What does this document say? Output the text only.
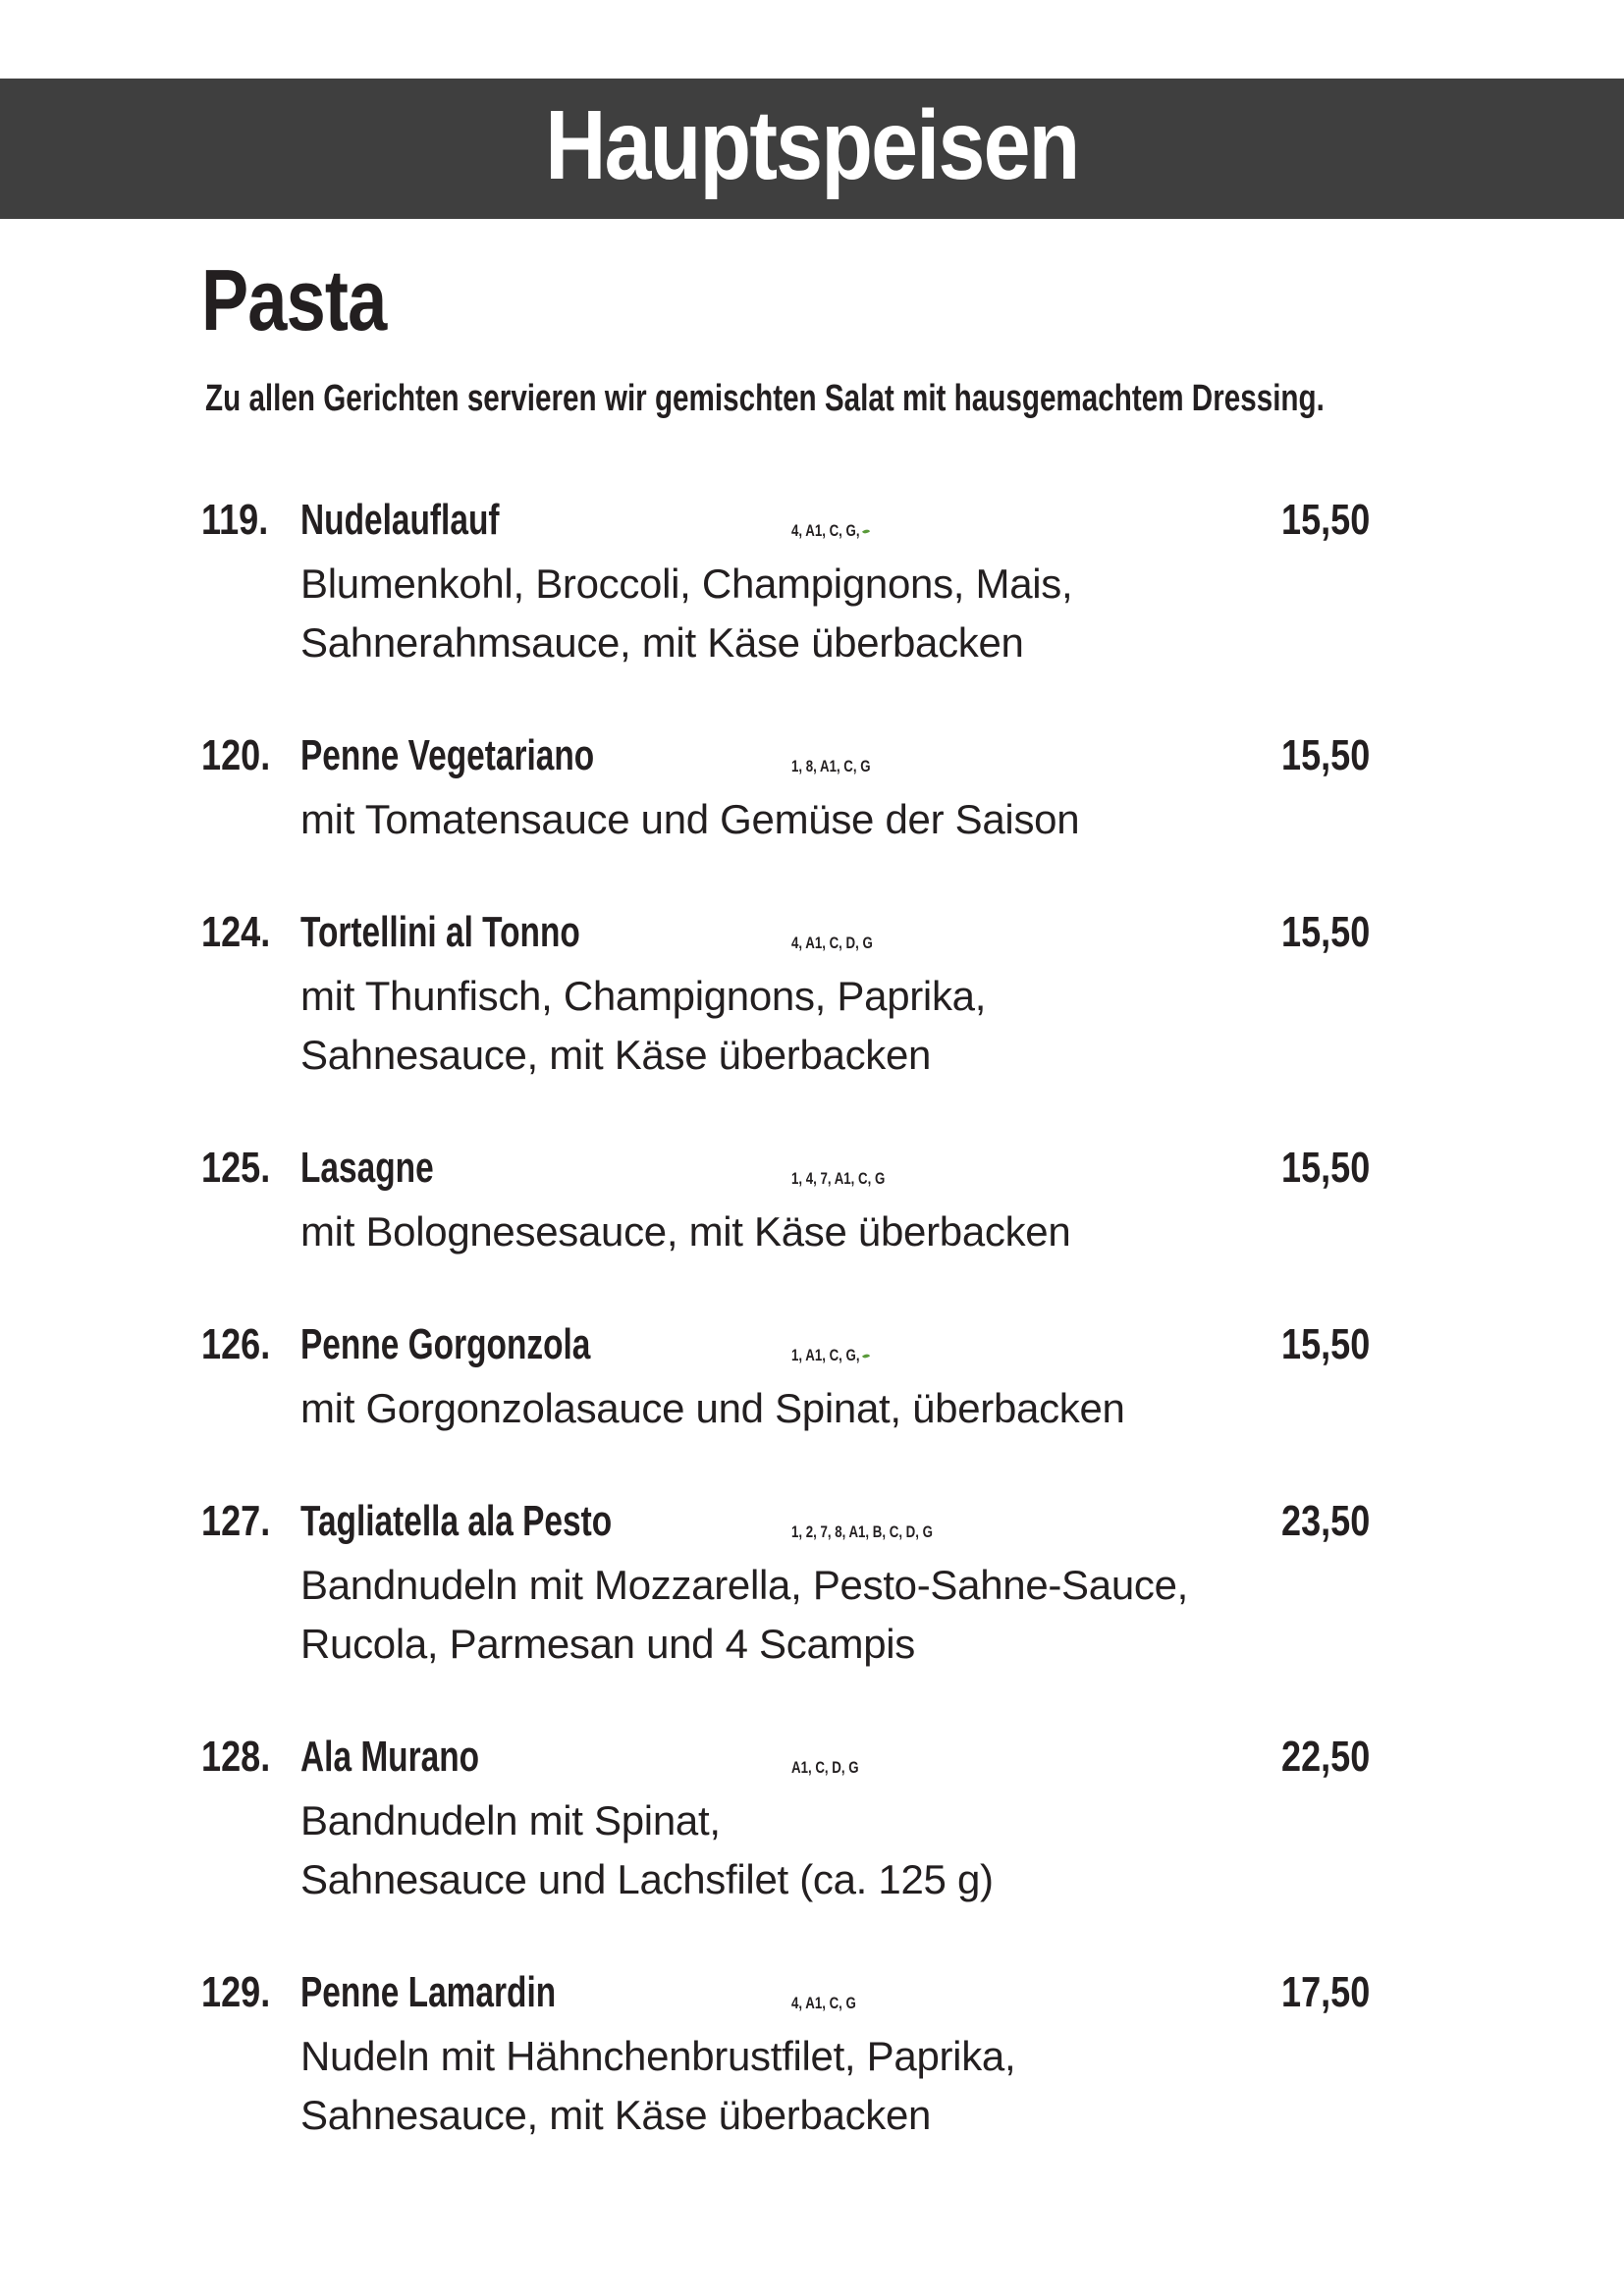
Hauptspeisen
Pasta
Zu allen Gerichten servieren wir gemischten Salat mit hausgemachtem Dressing.
119. Nudelauflauf	4, A1, C, G,	15,50
Blumenkohl, Broccoli, Champignons, Mais,
Sahnerahmsauce, mit Käse überbacken
120. Penne Vegetariano	1, 8, A1, C, G	15,50
mit Tomatensauce und Gemüse der Saison
124. Tortellini al Tonno	4, A1, C, D, G	15,50
mit Thunfisch, Champignons, Paprika,
Sahnesauce, mit Käse überbacken
125. Lasagne	1, 4, 7, A1, C, G	15,50
mit Bolognesesauce, mit Käse überbacken
126. Penne Gorgonzola	1, A1, C, G,	15,50
mit Gorgonzolasauce und Spinat, überbacken
127. Tagliatella ala Pesto	1, 2, 7, 8, A1, B, C, D, G	23,50
Bandnudeln mit Mozzarella, Pesto-Sahne-Sauce,
Rucola, Parmesan und 4 Scampis
128. Ala Murano	A1, C, D, G	22,50
Bandnudeln mit Spinat,
Sahnesauce und Lachsfilet (ca. 125 g)
129. Penne Lamardin	4, A1, C, G	17,50
Nudeln mit Hähnchenbrustfilet, Paprika,
Sahnesauce, mit Käse überbacken
